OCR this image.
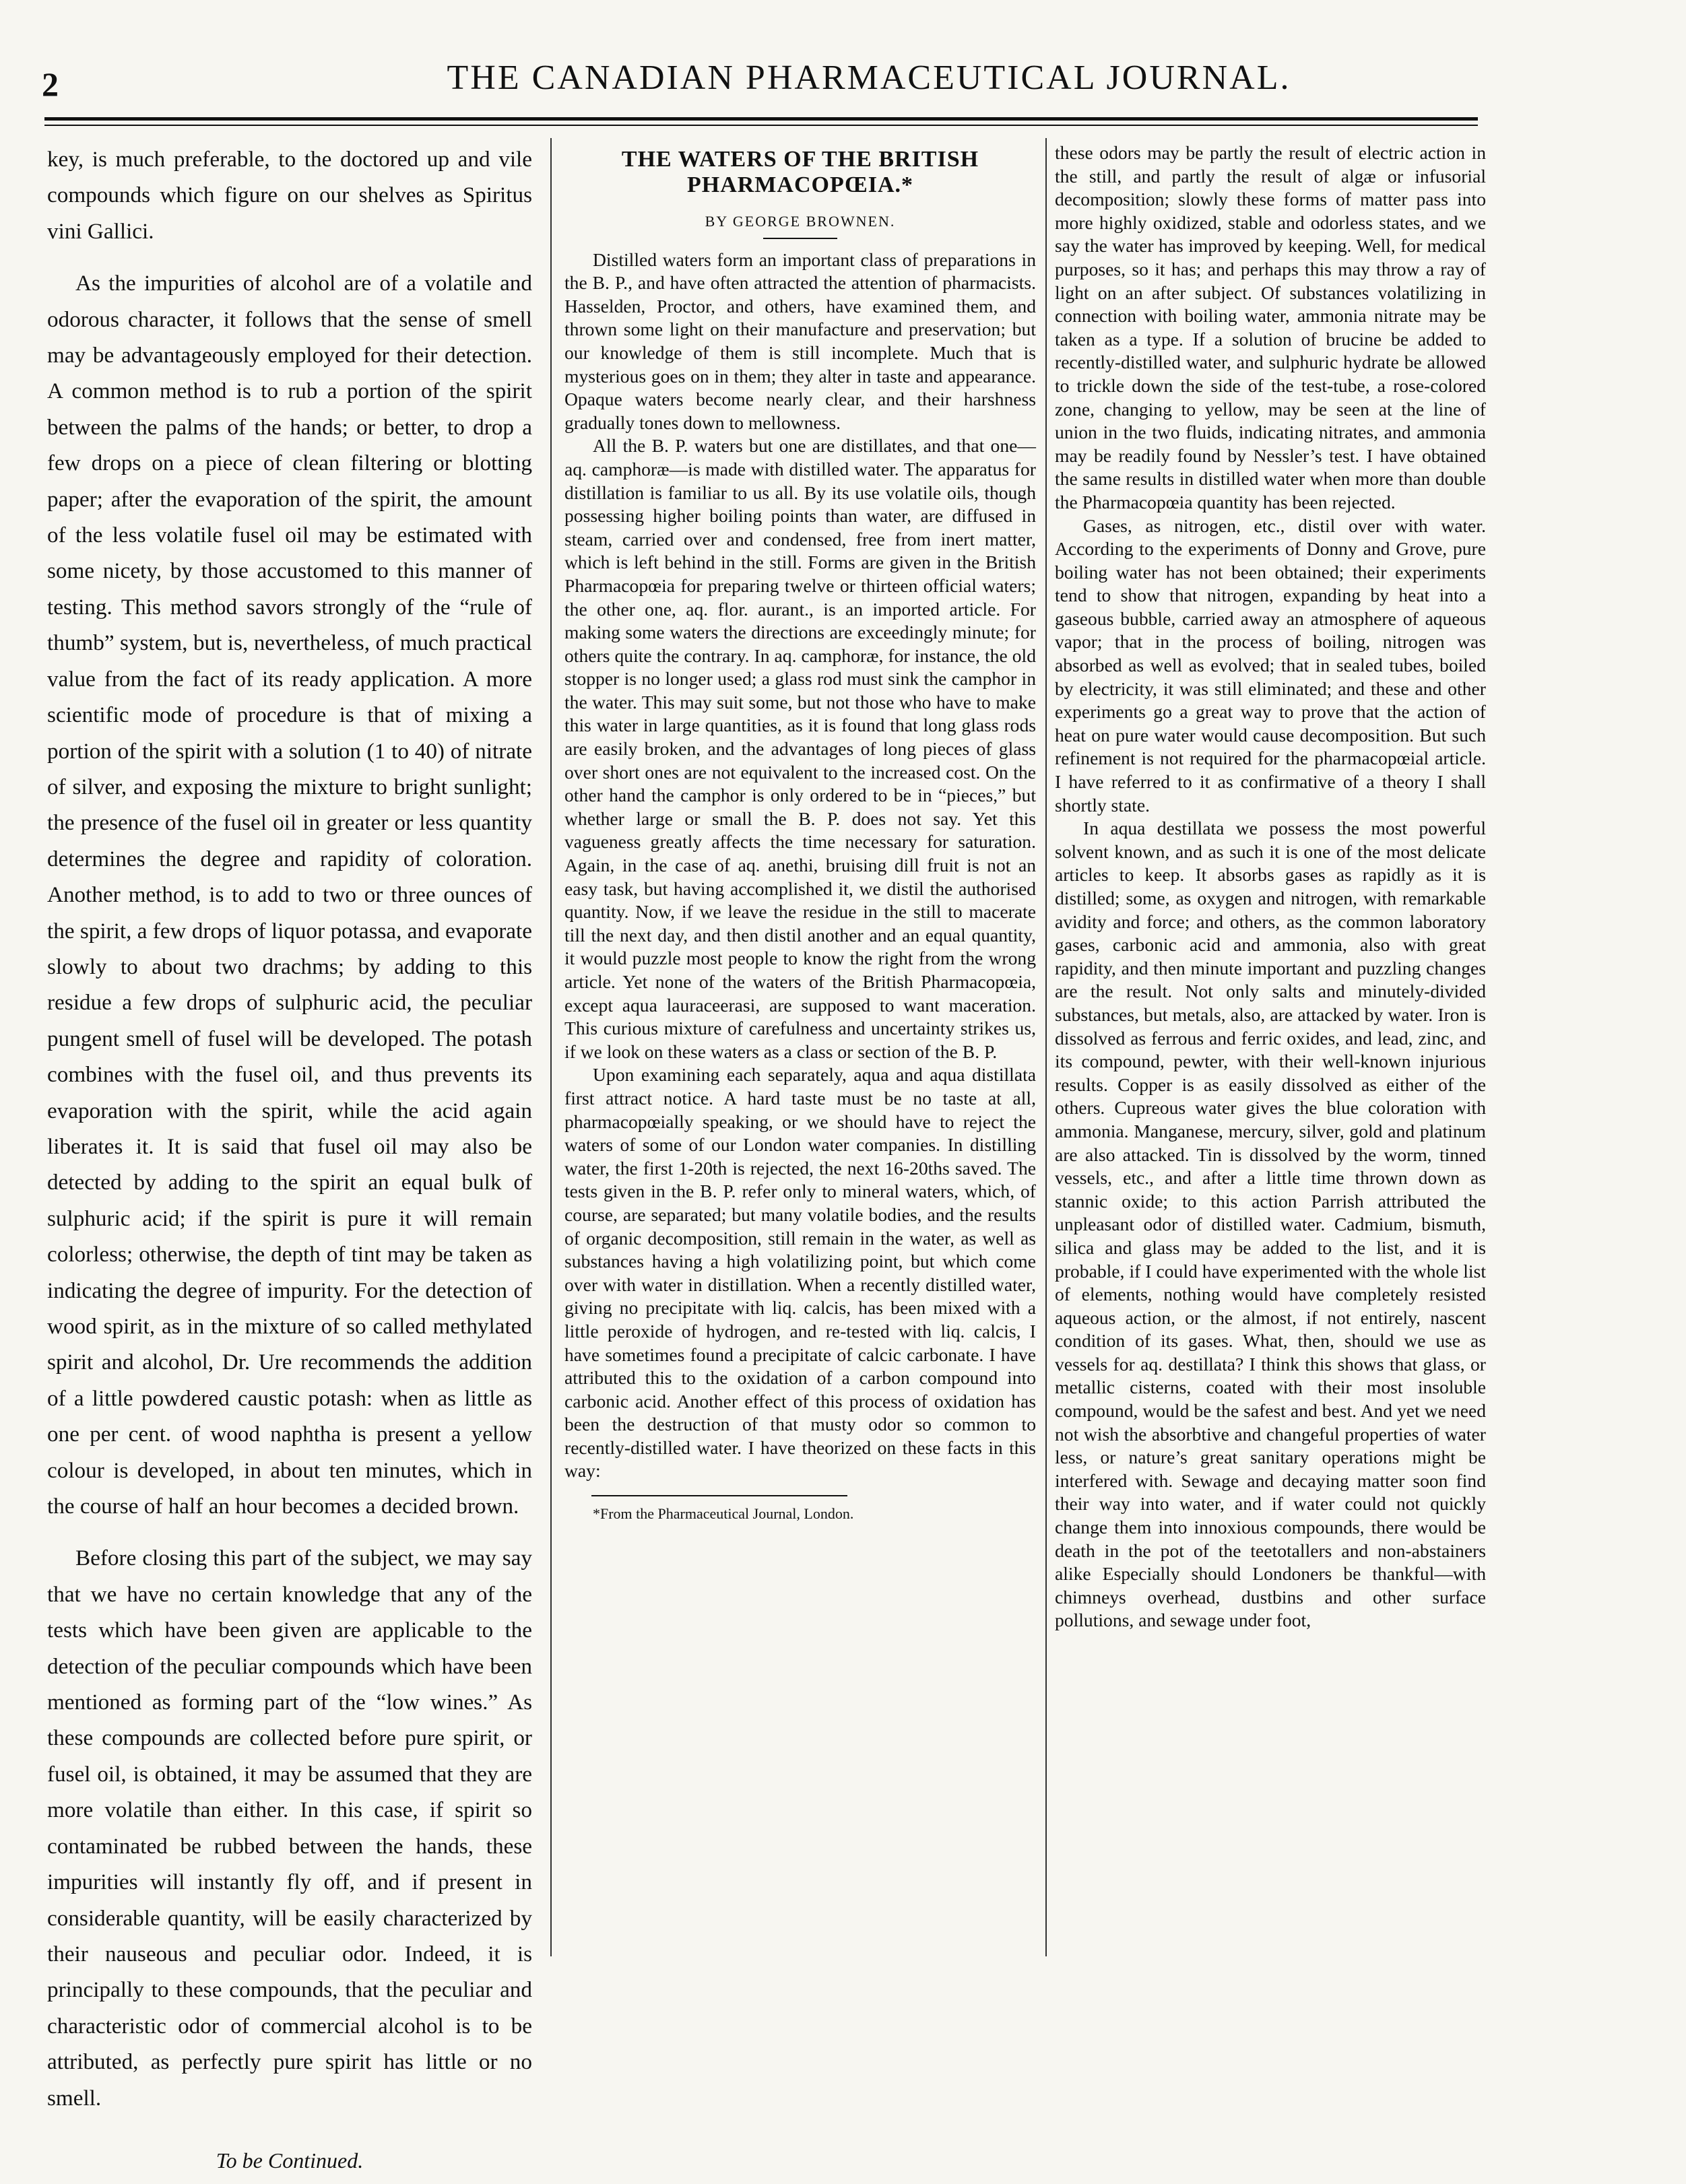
2	THE CANADIAN PHARMACEUTICAL JOURNAL.

key, is much preferable, to the doctored up and vile compounds which figure on our shelves as Spiritus vini Gallici.

As the impurities of alcohol are of a volatile and odorous character, it follows that the sense of smell may be advantageously employed for their detection. A common method is to rub a portion of the spirit between the palms of the hands; or better, to drop a few drops on a piece of clean filtering or blotting paper; after the evaporation of the spirit, the amount of the less volatile fusel oil may be estimated with some nicety, by those accustomed to this manner of testing. This method savors strongly of the “rule of thumb” system, but is, nevertheless, of much practical value from the fact of its ready application. A more scientific mode of procedure is that of mixing a portion of the spirit with a solution (1 to 40) of nitrate of silver, and exposing the mixture to bright sunlight; the presence of the fusel oil in greater or less quantity determines the degree and rapidity of coloration. Another method, is to add to two or three ounces of the spirit, a few drops of liquor potassa, and evaporate slowly to about two drachms; by adding to this residue a few drops of sulphuric acid, the peculiar pungent smell of fusel will be developed. The potash combines with the fusel oil, and thus prevents its evaporation with the spirit, while the acid again liberates it. It is said that fusel oil may also be detected by adding to the spirit an equal bulk of sulphuric acid; if the spirit is pure it will remain colorless; otherwise, the depth of tint may be taken as indicating the degree of impurity. For the detection of wood spirit, as in the mixture of so called methylated spirit and alcohol, Dr. Ure recommends the addition of a little powdered caustic potash: when as little as one per cent. of wood naphtha is present a yellow colour is developed, in about ten minutes, which in the course of half an hour becomes a decided brown.

Before closing this part of the subject, we may say that we have no certain knowledge that any of the tests which have been given are applicable to the detection of the peculiar compounds which have been mentioned as forming part of the “low wines.” As these compounds are collected before pure spirit, or fusel oil, is obtained, it may be assumed that they are more volatile than either. In this case, if spirit so contaminated be rubbed between the hands, these impurities will instantly fly off, and if present in considerable quantity, will be easily characterized by their nauseous and peculiar odor. Indeed, it is principally to these compounds, that the peculiar and characteristic odor of commercial alcohol is to be attributed, as perfectly pure spirit has little or no smell.

To be Continued.
THE WATERS OF THE BRITISH PHARMACOPŒIA.*
BY GEORGE BROWNEN.

Distilled waters form an important class of preparations in the B. P., and have often attracted the attention of pharmacists. Hasselden, Proctor, and others, have examined them, and thrown some light on their manufacture and preservation; but our knowledge of them is still incomplete. Much that is mysterious goes on in them; they alter in taste and appearance. Opaque waters become nearly clear, and their harshness gradually tones down to mellowness.

All the B. P. waters but one are distillates, and that one—aq. camphoræ—is made with distilled water. The apparatus for distillation is familiar to us all. By its use volatile oils, though possessing higher boiling points than water, are diffused in steam, carried over and condensed, free from inert matter, which is left behind in the still. Forms are given in the British Pharmacopœia for preparing twelve or thirteen official waters; the other one, aq. flor. aurant., is an imported article. For making some waters the directions are exceedingly minute; for others quite the contrary. In aq. camphoræ, for instance, the old stopper is no longer used; a glass rod must sink the camphor in the water. This may suit some, but not those who have to make this water in large quantities, as it is found that long glass rods are easily broken, and the advantages of long pieces of glass over short ones are not equivalent to the increased cost. On the other hand the camphor is only ordered to be in “pieces,” but whether large or small the B. P. does not say. Yet this vagueness greatly affects the time necessary for saturation. Again, in the case of aq. anethi, bruising dill fruit is not an easy task, but having accomplished it, we distil the authorised quantity. Now, if we leave the residue in the still to macerate till the next day, and then distil another and an equal quantity, it would puzzle most people to know the right from the wrong article. Yet none of the waters of the British Pharmacopœia, except aqua lauraceerasi, are supposed to want maceration. This curious mixture of carefulness and uncertainty strikes us, if we look on these waters as a class or section of the B. P.

Upon examining each separately, aqua and aqua distillata first attract notice. A hard taste must be no taste at all, pharmacopœially speaking, or we should have to reject the waters of some of our London water companies. In distilling water, the first 1-20th is rejected, the next 16-20ths saved. The tests given in the B. P. refer only to mineral waters, which, of course, are separated; but many volatile bodies, and the results of organic decomposition, still remain in the water, as well as substances having a high volatilizing point, but which come over with water in distillation. When a recently distilled water, giving no precipitate with liq. calcis, has been mixed with a little peroxide of hydrogen, and re-tested with liq. calcis, I have sometimes found a precipitate of calcic carbonate. I have attributed this to the oxidation of a carbon compound into carbonic acid. Another effect of this process of oxidation has been the destruction of that musty odor so common to recently-distilled water. I have theorized on these facts in this way:

*From the Pharmaceutical Journal, London.

these odors may be partly the result of electric action in the still, and partly the result of algæ or infusorial decomposition; slowly these forms of matter pass into more highly oxidized, stable and odorless states, and we say the water has improved by keeping. Well, for medical purposes, so it has; and perhaps this may throw a ray of light on an after subject. Of substances volatilizing in connection with boiling water, ammonia nitrate may be taken as a type. If a solution of brucine be added to recently-distilled water, and sulphuric hydrate be allowed to trickle down the side of the test-tube, a rose-colored zone, changing to yellow, may be seen at the line of union in the two fluids, indicating nitrates, and ammonia may be readily found by Nessler’s test. I have obtained the same results in distilled water when more than double the Pharmacopœia quantity has been rejected.

Gases, as nitrogen, etc., distil over with water. According to the experiments of Donny and Grove, pure boiling water has not been obtained; their experiments tend to show that nitrogen, expanding by heat into a gaseous bubble, carried away an atmosphere of aqueous vapor; that in the process of boiling, nitrogen was absorbed as well as evolved; that in sealed tubes, boiled by electricity, it was still eliminated; and these and other experiments go a great way to prove that the action of heat on pure water would cause decomposition. But such refinement is not required for the pharmacopœial article. I have referred to it as confirmative of a theory I shall shortly state.

In aqua destillata we possess the most powerful solvent known, and as such it is one of the most delicate articles to keep. It absorbs gases as rapidly as it is distilled; some, as oxygen and nitrogen, with remarkable avidity and force; and others, as the common laboratory gases, carbonic acid and ammonia, also with great rapidity, and then minute important and puzzling changes are the result. Not only salts and minutely-divided substances, but metals, also, are attacked by water. Iron is dissolved as ferrous and ferric oxides, and lead, zinc, and its compound, pewter, with their well-known injurious results. Copper is as easily dissolved as either of the others. Cupreous water gives the blue coloration with ammonia. Manganese, mercury, silver, gold and platinum are also attacked. Tin is dissolved by the worm, tinned vessels, etc., and after a little time thrown down as stannic oxide; to this action Parrish attributed the unpleasant odor of distilled water. Cadmium, bismuth, silica and glass may be added to the list, and it is probable, if I could have experimented with the whole list of elements, nothing would have completely resisted aqueous action, or the almost, if not entirely, nascent condition of its gases. What, then, should we use as vessels for aq. destillata? I think this shows that glass, or metallic cisterns, coated with their most insoluble compound, would be the safest and best. And yet we need not wish the absorbtive and changeful properties of water less, or nature’s great sanitary operations might be interfered with. Sewage and decaying matter soon find their way into water, and if water could not quickly change them into innoxious compounds, there would be death in the pot of the teetotallers and non-abstainers alike Especially should Londoners be thankful—with chimneys overhead, dustbins and other surface pollutions, and sewage under foot,
